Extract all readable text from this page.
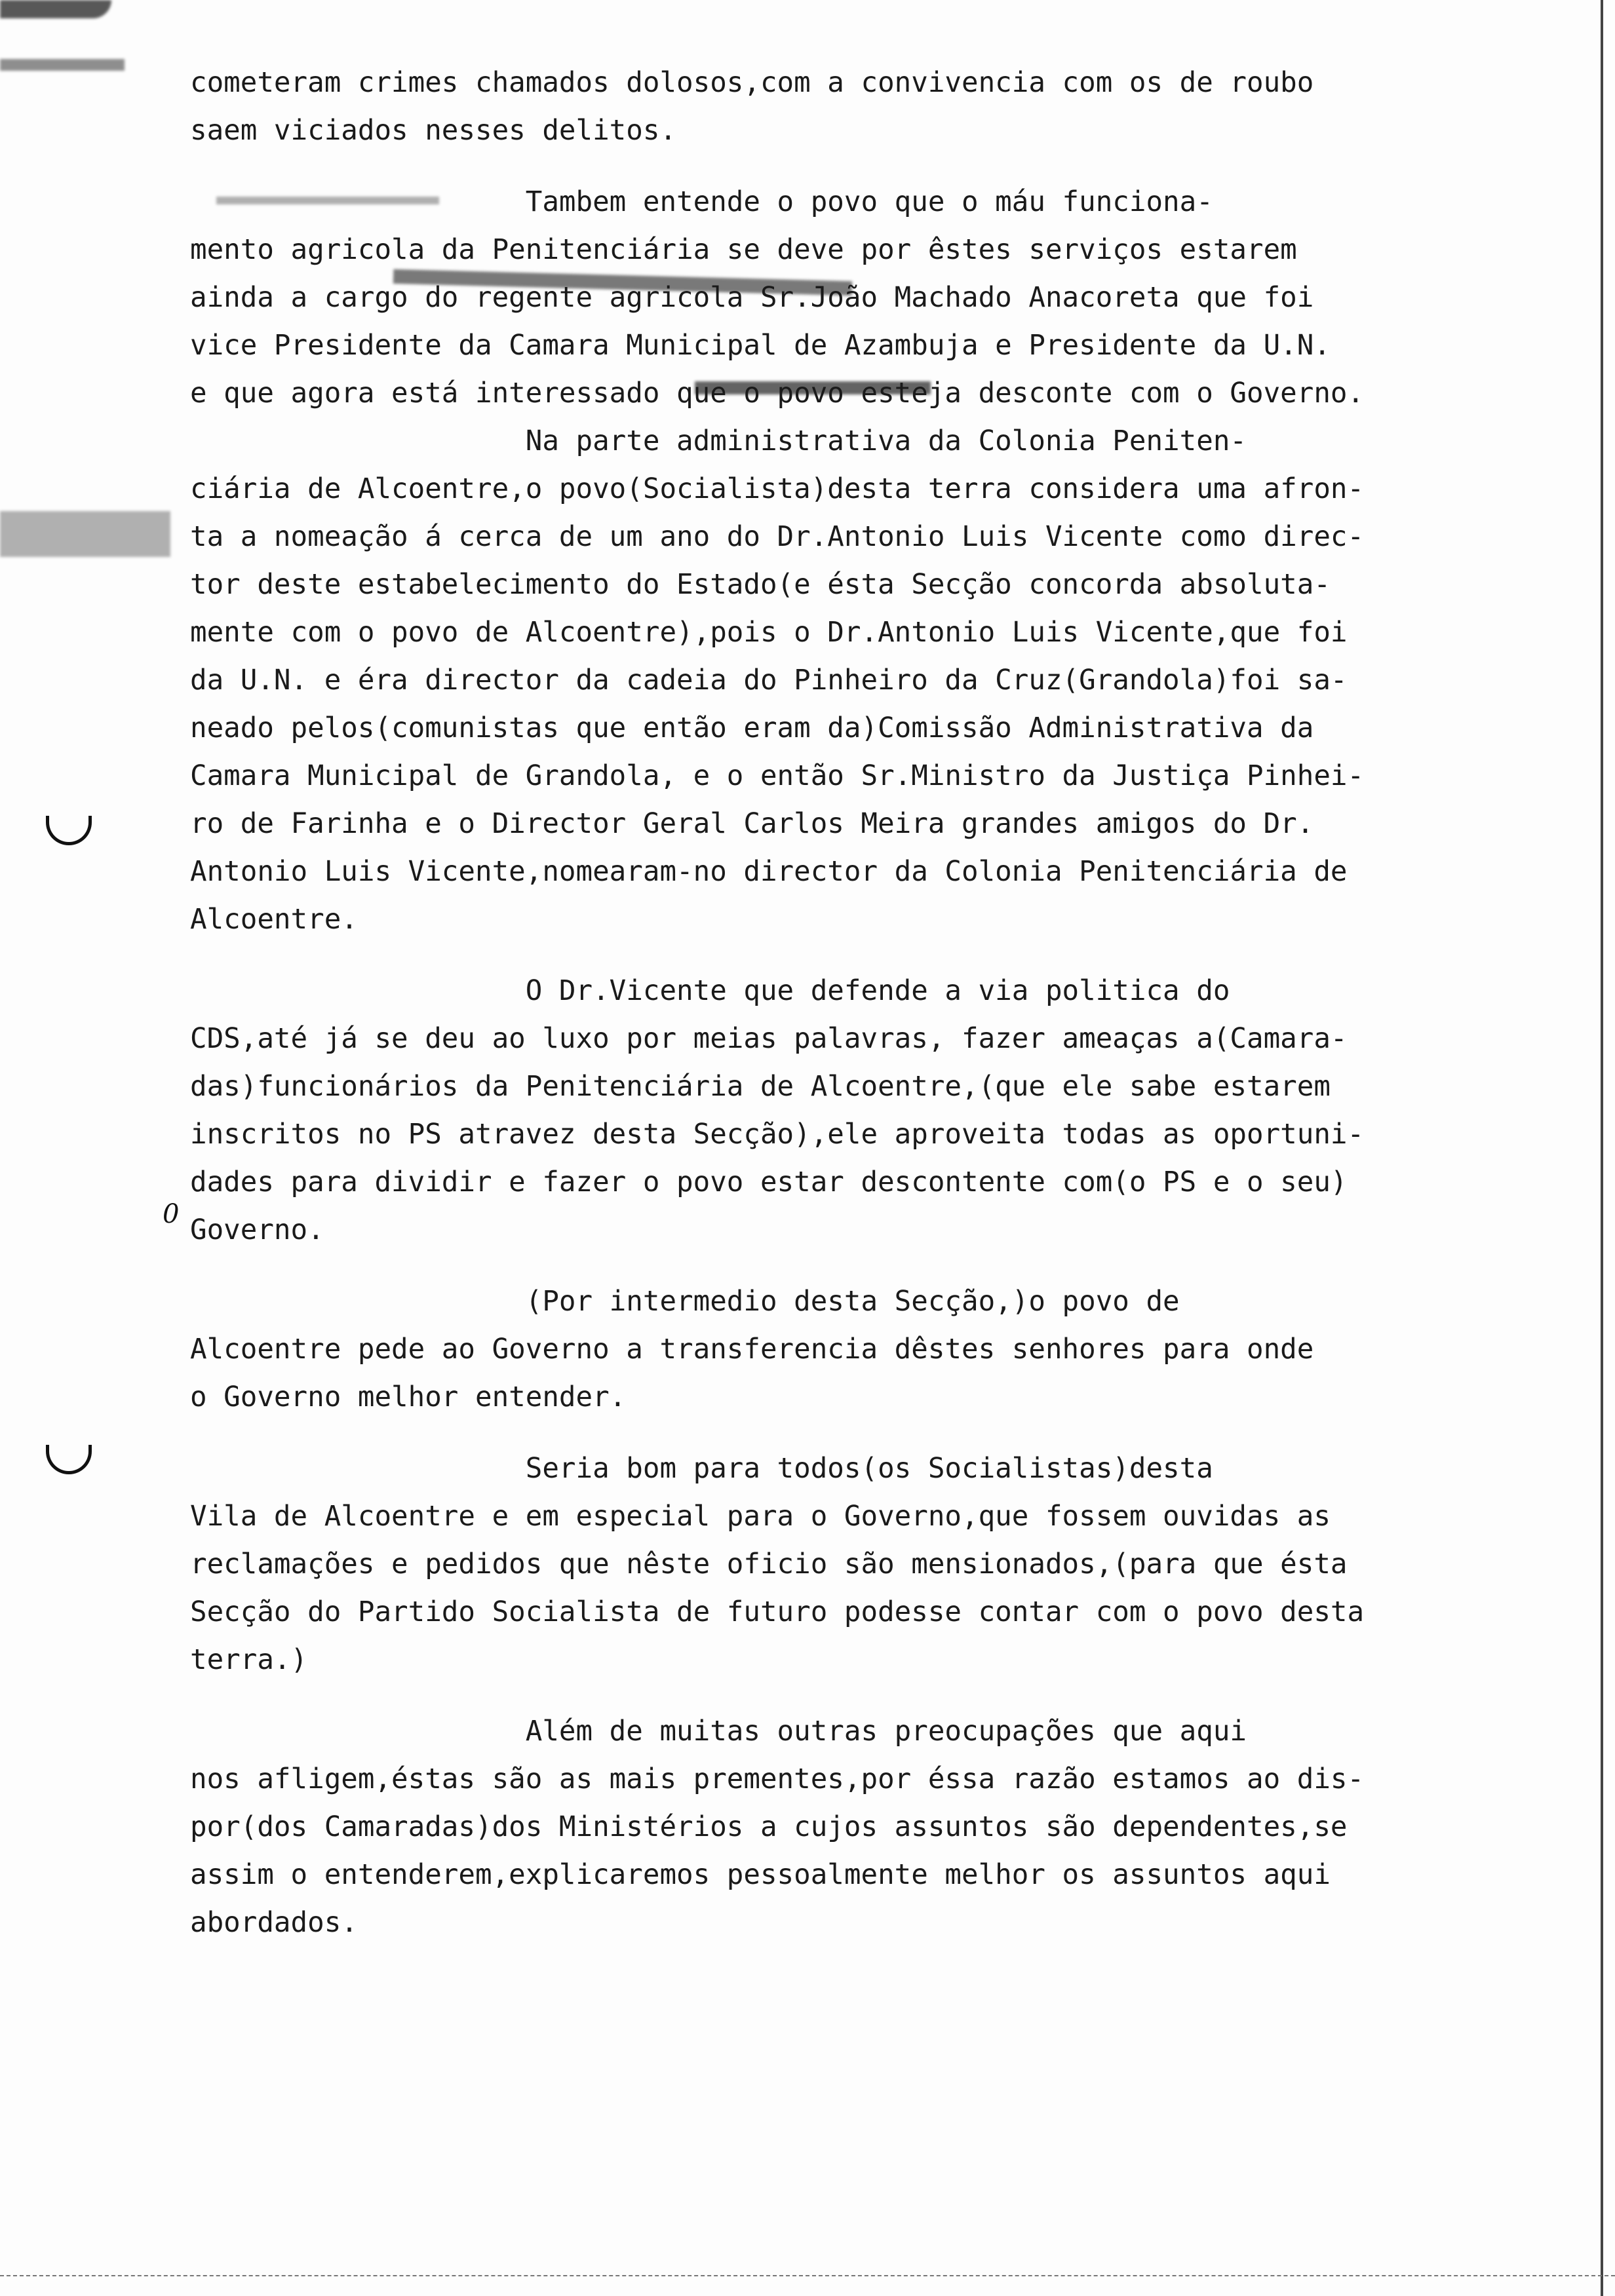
0
cometeram crimes chamados dolosos,com a convivencia com os de roubo
saem viciados nesses delitos.
Tambem entende o povo que o máu funciona-
mento agricola da Penitenciária se deve por êstes serviços estarem
ainda a cargo do regente agricola Sr.João Machado Anacoreta que foi
vice Presidente da Camara Municipal de Azambuja e Presidente da U.N.
e que agora está interessado que o povo esteja desconte com o Governo.
Na parte administrativa da Colonia Peniten-
ciária de Alcoentre,o povo(Socialista)desta terra considera uma afron-
ta a nomeação á cerca de um ano do Dr.Antonio Luis Vicente como direc-
tor deste estabelecimento do Estado(e ésta Secção concorda absoluta-
mente com o povo de Alcoentre),pois o Dr.Antonio Luis Vicente,que foi
da U.N. e éra director da cadeia do Pinheiro da Cruz(Grandola)foi sa-
neado pelos(comunistas que então eram da)Comissão Administrativa da
Camara Municipal de Grandola, e o então Sr.Ministro da Justiça Pinhei-
ro de Farinha e o Director Geral Carlos Meira grandes amigos do Dr.
Antonio Luis Vicente,nomearam-no director da Colonia Penitenciária de
Alcoentre.
O Dr.Vicente que defende a via politica do
CDS,até já se deu ao luxo por meias palavras, fazer ameaças a(Camara-
das)funcionários da Penitenciária de Alcoentre,(que ele sabe estarem
inscritos no PS atravez desta Secção),ele aproveita todas as oportuni-
dades para dividir e fazer o povo estar descontente com(o PS e o seu)
Governo.
(Por intermedio desta Secção,)o povo de
Alcoentre pede ao Governo a transferencia dêstes senhores para onde
o Governo melhor entender.
Seria bom para todos(os Socialistas)desta
Vila de Alcoentre e em especial para o Governo,que fossem ouvidas as
reclamações e pedidos que nêste oficio são mensionados,(para que ésta
Secção do Partido Socialista de futuro podesse contar com o povo desta
terra.)
Além de muitas outras preocupações que aqui
nos afligem,éstas são as mais prementes,por éssa razão estamos ao dis-
por(dos Camaradas)dos Ministérios a cujos assuntos são dependentes,se
assim o entenderem,explicaremos pessoalmente melhor os assuntos aqui
abordados.
